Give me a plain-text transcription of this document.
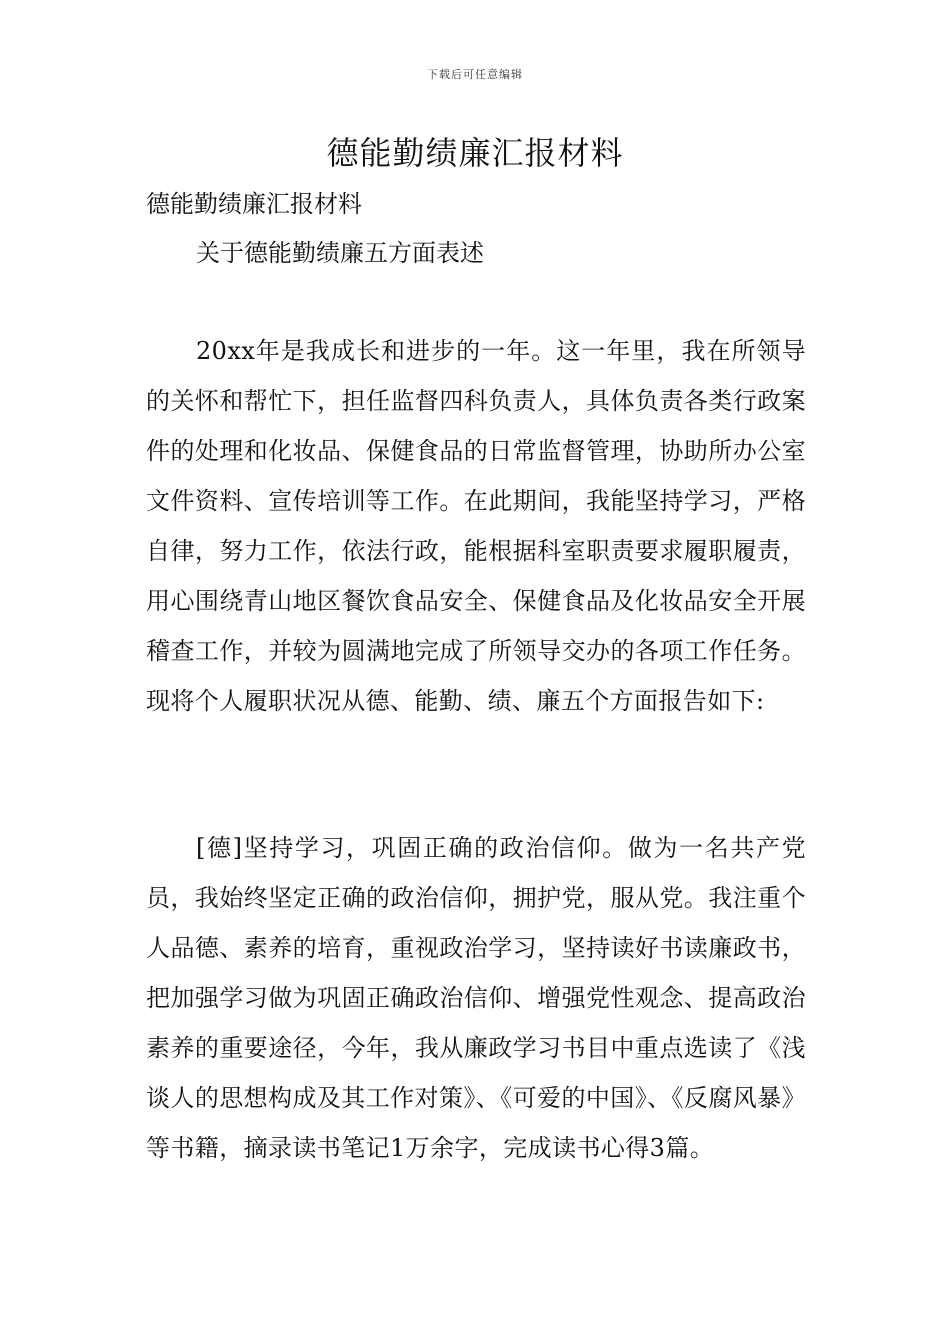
下载后可任意编辑
德能勤绩廉汇报材料
德能勤绩廉汇报材料
关于德能勤绩廉五方面表述

20xx年是我成长和进步的一年。这一年里，我在所领导的关怀和帮忙下，担任监督四科负责人，具体负责各类行政案件的处理和化妆品、保健食品的日常监督管理，协助所办公室文件资料、宣传培训等工作。在此期间，我能坚持学习，严格自律，努力工作，依法行政，能根据科室职责要求履职履责，用心围绕青山地区餐饮食品安全、保健食品及化妆品安全开展稽查工作，并较为圆满地完成了所领导交办的各项工作任务。现将个人履职状况从德、能勤、绩、廉五个方面报告如下:

[德]坚持学习，巩固正确的政治信仰。做为一名共产党员，我始终坚定正确的政治信仰，拥护党，服从党。我注重个人品德、素养的培育，重视政治学习，坚持读好书读廉政书，把加强学习做为巩固正确政治信仰、增强党性观念、提高政治素养的重要途径，今年，我从廉政学习书目中重点选读了《浅谈人的思想构成及其工作对策》、《可爱的中国》、《反腐风暴》等书籍，摘录读书笔记1万余字，完成读书心得3篇。
